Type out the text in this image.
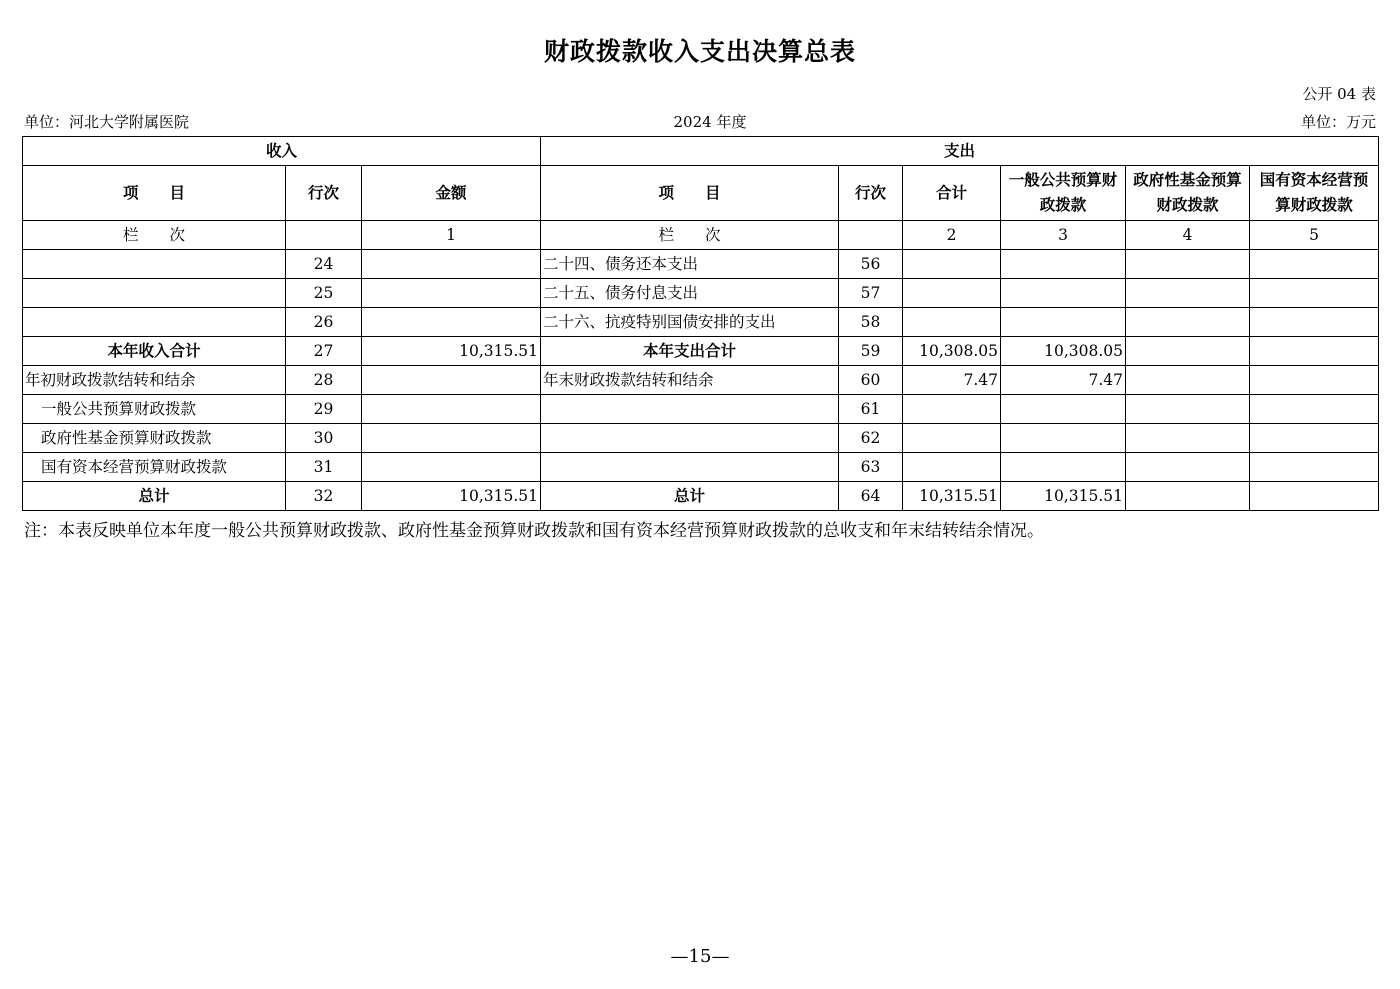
财政拨款收入支出决算总表
公开 04 表
单位：河北大学附属医院	2024 年度	单位：万元
收入			支出					
项　　目	行次	金额	项　　目	行次	合计	一般公共预算财政拨款	政府性基金预算财政拨款	国有资本经营预算财政拨款
栏　　次		1	栏　　次		2	3	4	5
	24		二十四、债务还本支出	56				
	25		二十五、债务付息支出	57				
	26		二十六、抗疫特别国债安排的支出	58				
本年收入合计	27	10,315.51	本年支出合计	59	10,308.05	10,308.05		
年初财政拨款结转和结余	28		年末财政拨款结转和结余	60	7.47	7.47		
一般公共预算财政拨款	29			61				
政府性基金预算财政拨款	30			62				
国有资本经营预算财政拨款	31			63				
总计	32	10,315.51	总计	64	10,315.51	10,315.51		
注：本表反映单位本年度一般公共预算财政拨款、政府性基金预算财政拨款和国有资本经营预算财政拨款的总收支和年末结转结余情况。
—15—
